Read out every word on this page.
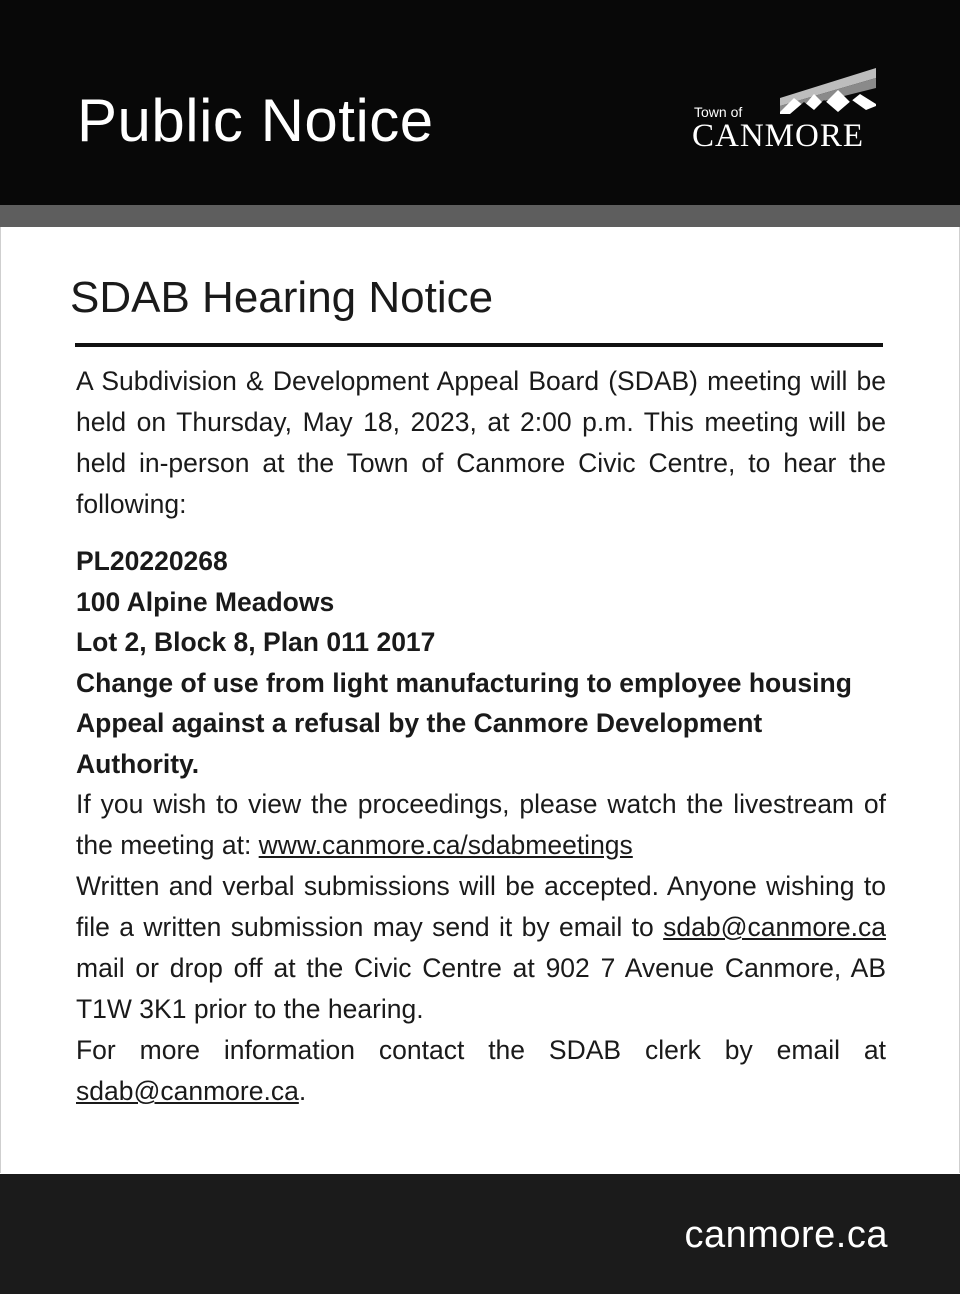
Public Notice	Town of
CANMORE
SDAB Hearing Notice

A Subdivision & Development Appeal Board (SDAB) meeting will be held on Thursday, May 18, 2023, at 2:00 p.m. This meeting will be held in-person at the Town of Canmore Civic Centre, to hear the following:

PL20220268
100 Alpine Meadows
Lot 2, Block 8, Plan 011 2017
Change of use from light manufacturing to employee housing
Appeal against a refusal by the Canmore Development Authority.

If you wish to view the proceedings, please watch the livestream of the meeting at: www.canmore.ca/sdabmeetings

Written and verbal submissions will be accepted. Anyone wishing to file a written submission may send it by email to sdab@canmore.ca mail or drop off at the Civic Centre at 902 7 Avenue Canmore, AB T1W 3K1 prior to the hearing.

For more information contact the SDAB clerk by email at sdab@canmore.ca.

canmore.ca
